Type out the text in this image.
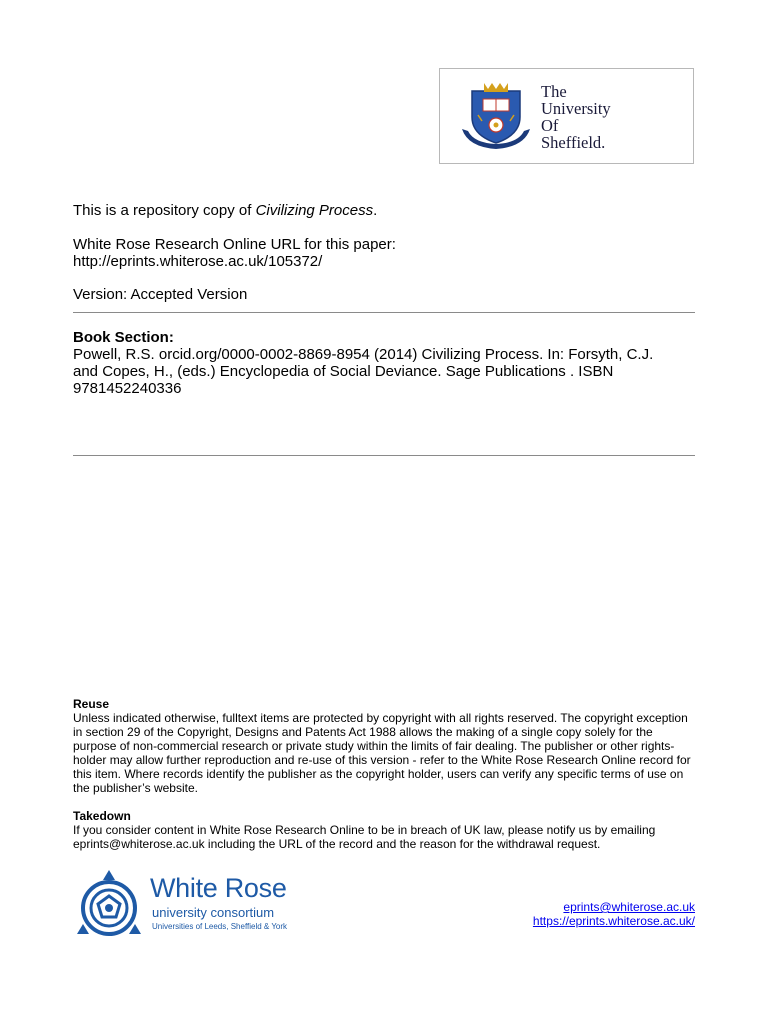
The
University
Of
Sheffield.
This is a repository copy of Civilizing Process.
White Rose Research Online URL for this paper:
http://eprints.whiterose.ac.uk/105372/
Version: Accepted Version
Book Section:
Powell, R.S. orcid.org/0000-0002-8869-8954 (2014) Civilizing Process. In: Forsyth, C.J.
and Copes, H., (eds.) Encyclopedia of Social Deviance. Sage Publications . ISBN
9781452240336
Reuse
Unless indicated otherwise, fulltext items are protected by copyright with all rights reserved. The copyright exception in section 29 of the Copyright, Designs and Patents Act 1988 allows the making of a single copy solely for the purpose of non-commercial research or private study within the limits of fair dealing. The publisher or other rights-holder may allow further reproduction and re-use of this version - refer to the White Rose Research Online record for this item. Where records identify the publisher as the copyright holder, users can verify any specific terms of use on the publisher’s website.
Takedown
If you consider content in White Rose Research Online to be in breach of UK law, please notify us by emailing eprints@whiterose.ac.uk including the URL of the record and the reason for the withdrawal request.
White Rose
university consortium
Universities of Leeds, Sheffield & York
eprints@whiterose.ac.uk
https://eprints.whiterose.ac.uk/
